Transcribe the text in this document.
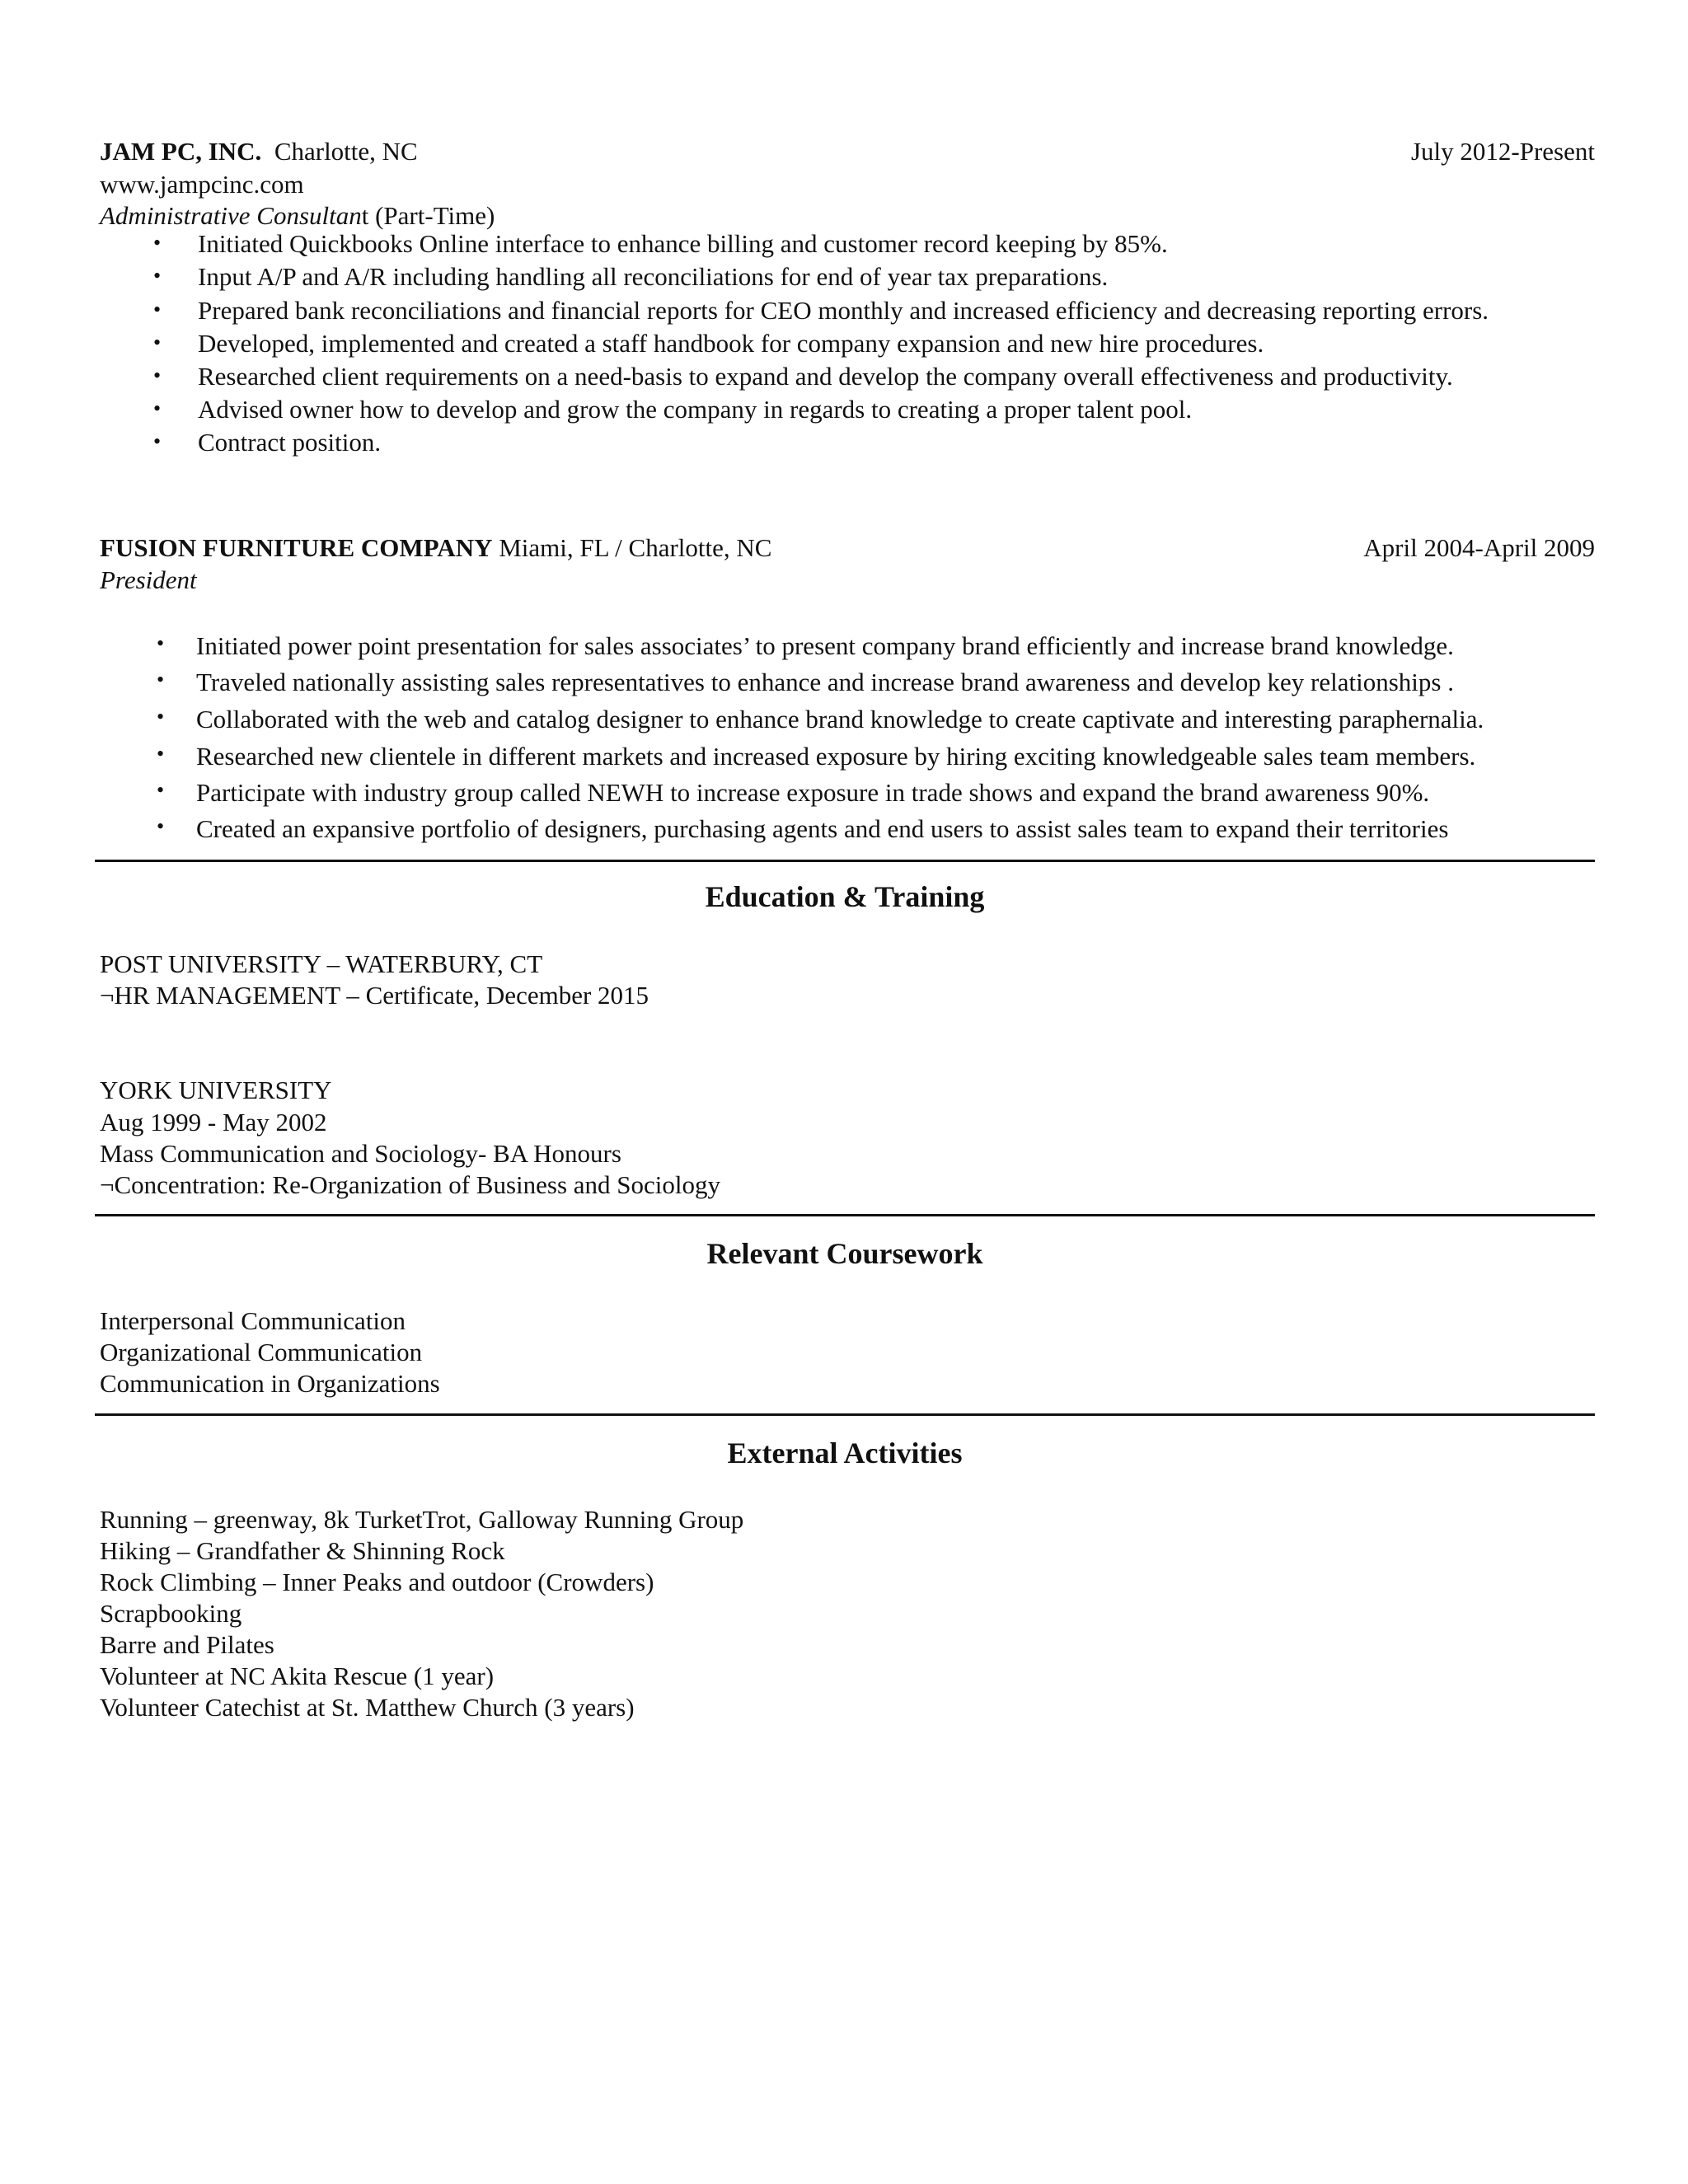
JAM PC, INC. Charlotte, NC	July 2012-Present
www.jampcinc.com
Administrative Consultant (Part-Time)
• Initiated Quickbooks Online interface to enhance billing and customer record keeping by 85%.
• Input A/P and A/R including handling all reconciliations for end of year tax preparations.
• Prepared bank reconciliations and financial reports for CEO monthly and increased efficiency and decreasing reporting errors.
• Developed, implemented and created a staff handbook for company expansion and new hire procedures.
• Researched client requirements on a need-basis to expand and develop the company overall effectiveness and productivity.
• Advised owner how to develop and grow the company in regards to creating a proper talent pool.
• Contract position.
FUSION FURNITURE COMPANY Miami, FL / Charlotte, NC	April 2004-April 2009
President
• Initiated power point presentation for sales associates’ to present company brand efficiently and increase brand knowledge.
• Traveled nationally assisting sales representatives to enhance and increase brand awareness and develop key relationships .
• Collaborated with the web and catalog designer to enhance brand knowledge to create captivate and interesting paraphernalia.
• Researched new clientele in different markets and increased exposure by hiring exciting knowledgeable sales team members.
• Participate with industry group called NEWH to increase exposure in trade shows and expand the brand awareness 90%.
• Created an expansive portfolio of designers, purchasing agents and end users to assist sales team to expand their territories
Education & Training
POST UNIVERSITY – WATERBURY, CT
¬HR MANAGEMENT – Certificate, December 2015
YORK UNIVERSITY
Aug 1999 - May 2002
Mass Communication and Sociology- BA Honours
¬Concentration: Re-Organization of Business and Sociology
Relevant Coursework
Interpersonal Communication
Organizational Communication
Communication in Organizations
External Activities
Running – greenway, 8k TurketTrot, Galloway Running Group
Hiking – Grandfather & Shinning Rock
Rock Climbing – Inner Peaks and outdoor (Crowders)
Scrapbooking
Barre and Pilates
Volunteer at NC Akita Rescue (1 year)
Volunteer Catechist at St. Matthew Church (3 years)
